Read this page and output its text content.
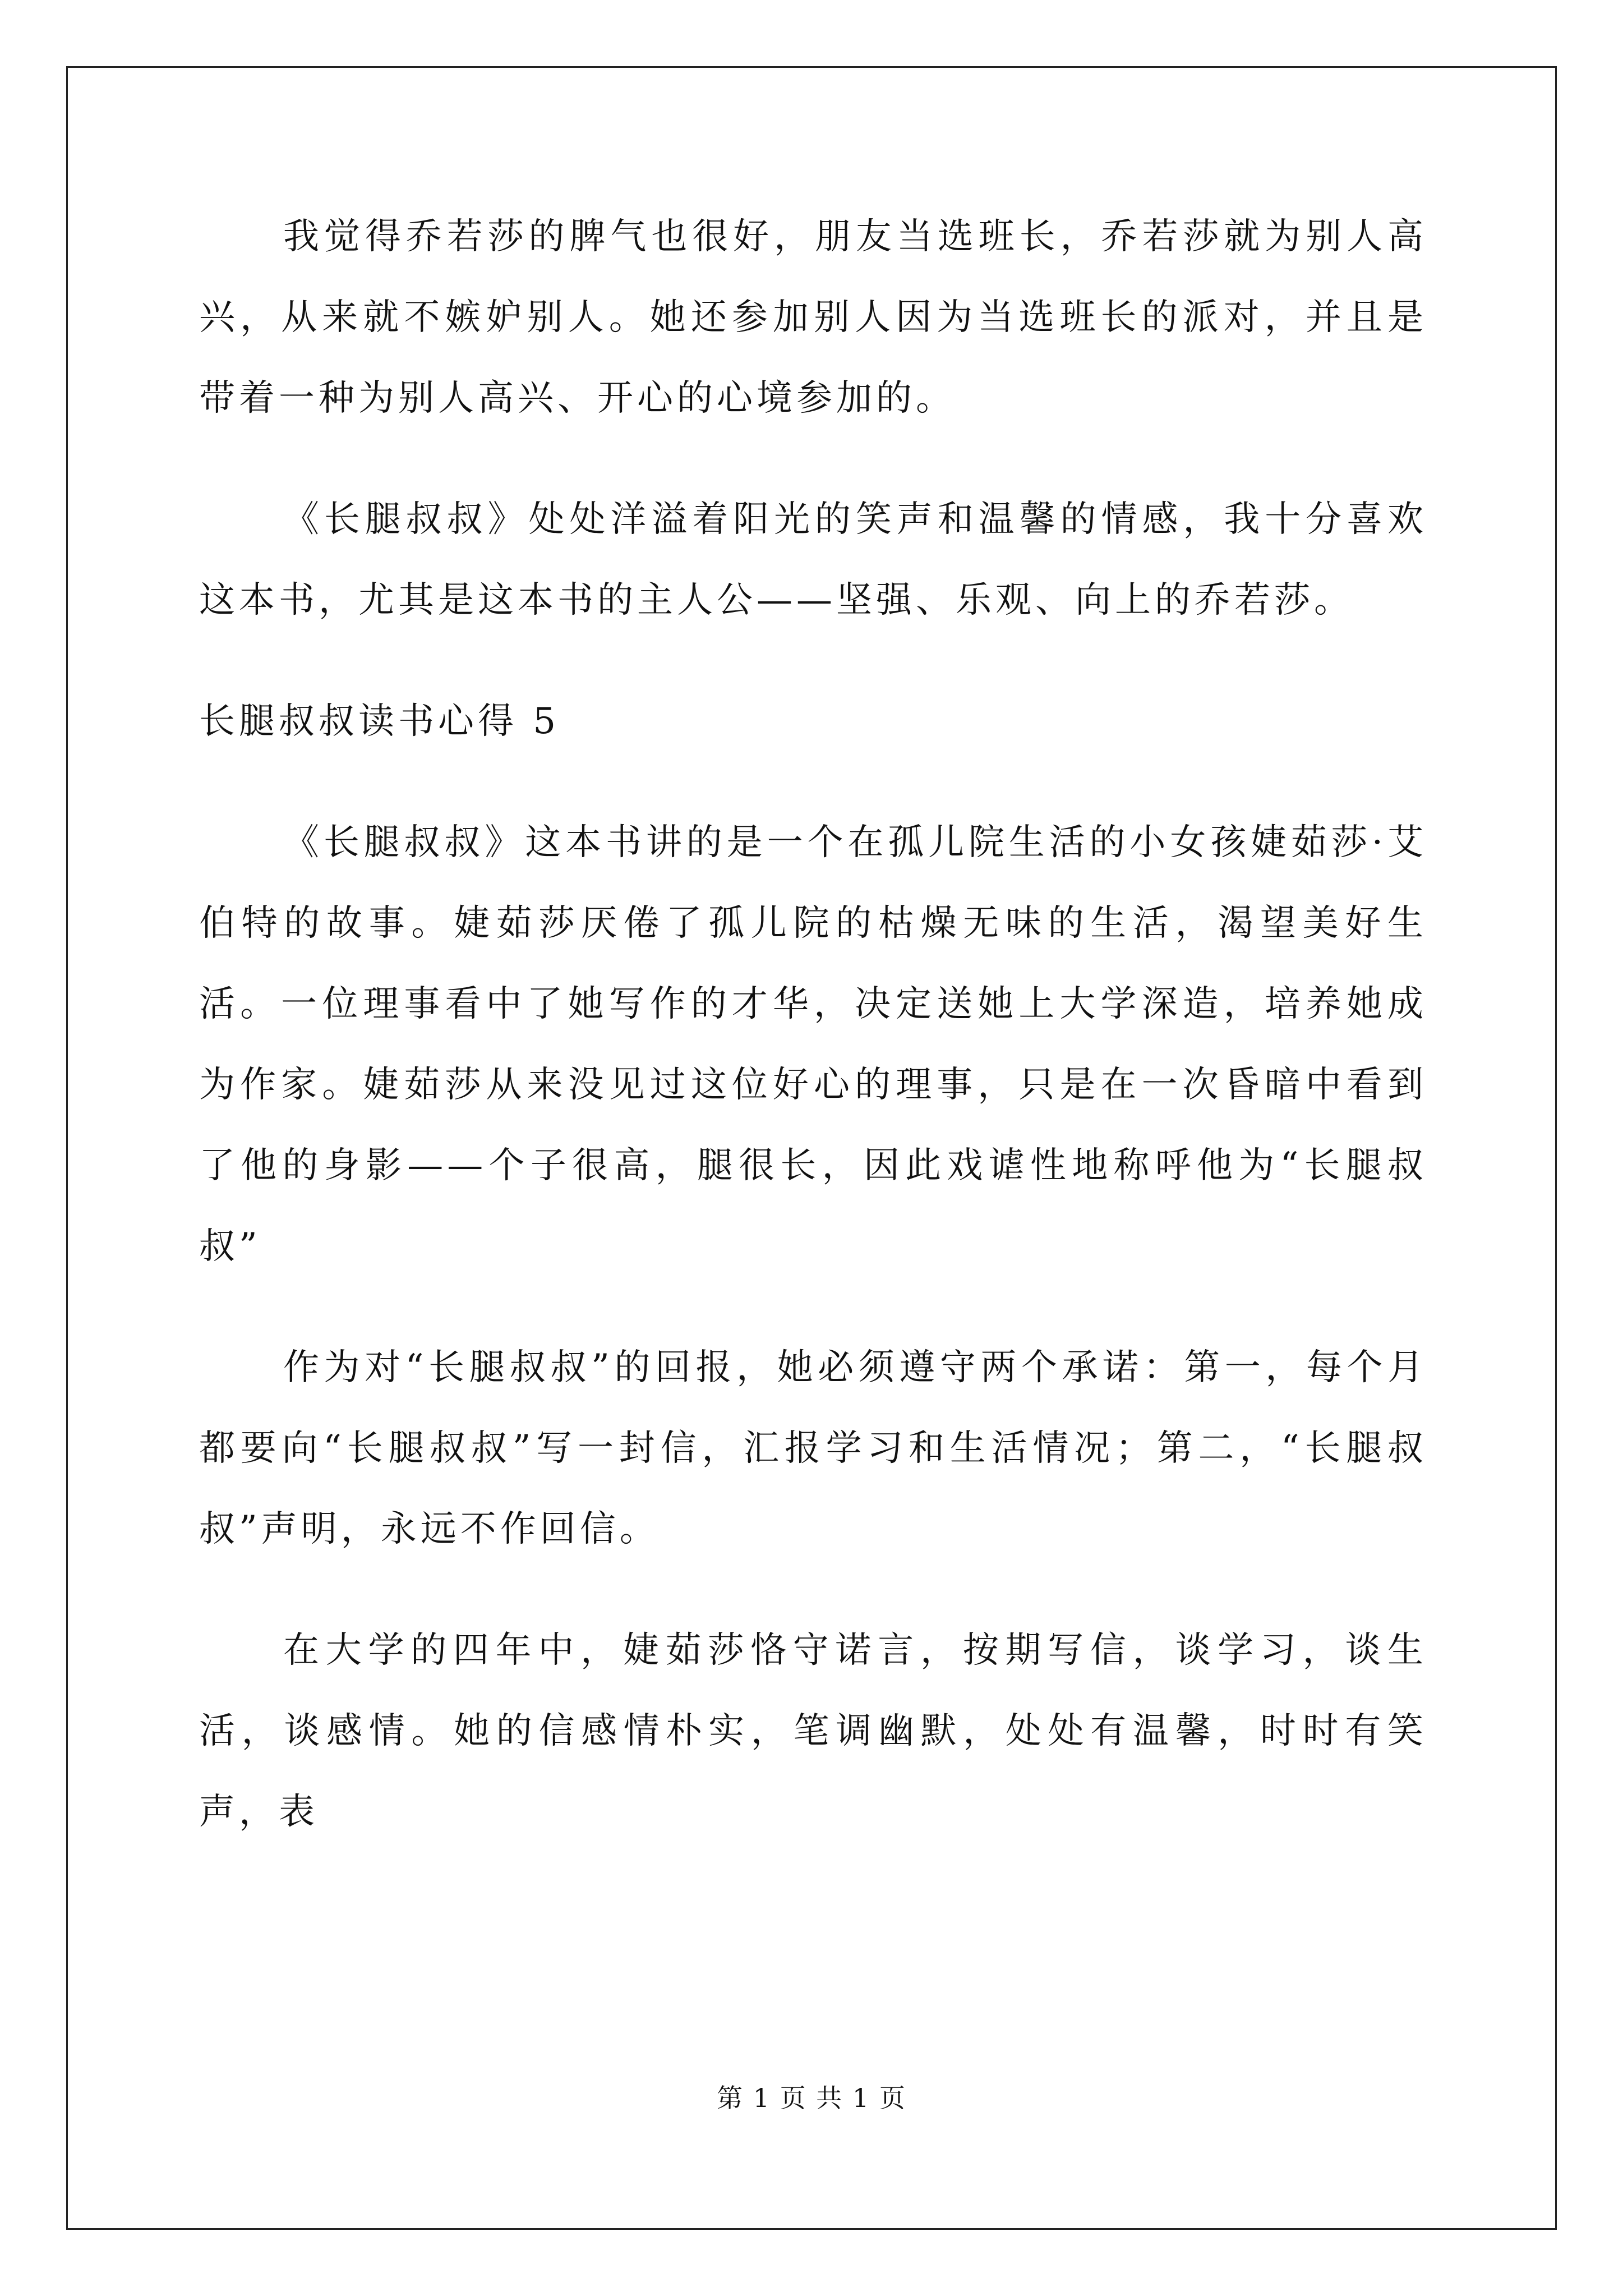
我觉得乔若莎的脾气也很好，朋友当选班长，乔若莎就为别人高兴，从来就不嫉妒别人。她还参加别人因为当选班长的派对，并且是带着一种为别人高兴、开心的心境参加的。

《长腿叔叔》处处洋溢着阳光的笑声和温馨的情感，我十分喜欢这本书，尤其是这本书的主人公——坚强、乐观、向上的乔若莎。

长腿叔叔读书心得 5

《长腿叔叔》这本书讲的是一个在孤儿院生活的小女孩婕茹莎·艾伯特的故事。婕茹莎厌倦了孤儿院的枯燥无味的生活，渴望美好生活。一位理事看中了她写作的才华，决定送她上大学深造，培养她成为作家。婕茹莎从来没见过这位好心的理事，只是在一次昏暗中看到了他的身影——个子很高，腿很长，因此戏谑性地称呼他为“长腿叔叔”

作为对“长腿叔叔”的回报，她必须遵守两个承诺：第一，每个月都要向“长腿叔叔”写一封信，汇报学习和生活情况；第二，“长腿叔叔”声明，永远不作回信。

在大学的四年中，婕茹莎恪守诺言，按期写信，谈学习，谈生活，谈感情。她的信感情朴实，笔调幽默，处处有温馨，时时有笑声，表

第 1 页 共 1 页
